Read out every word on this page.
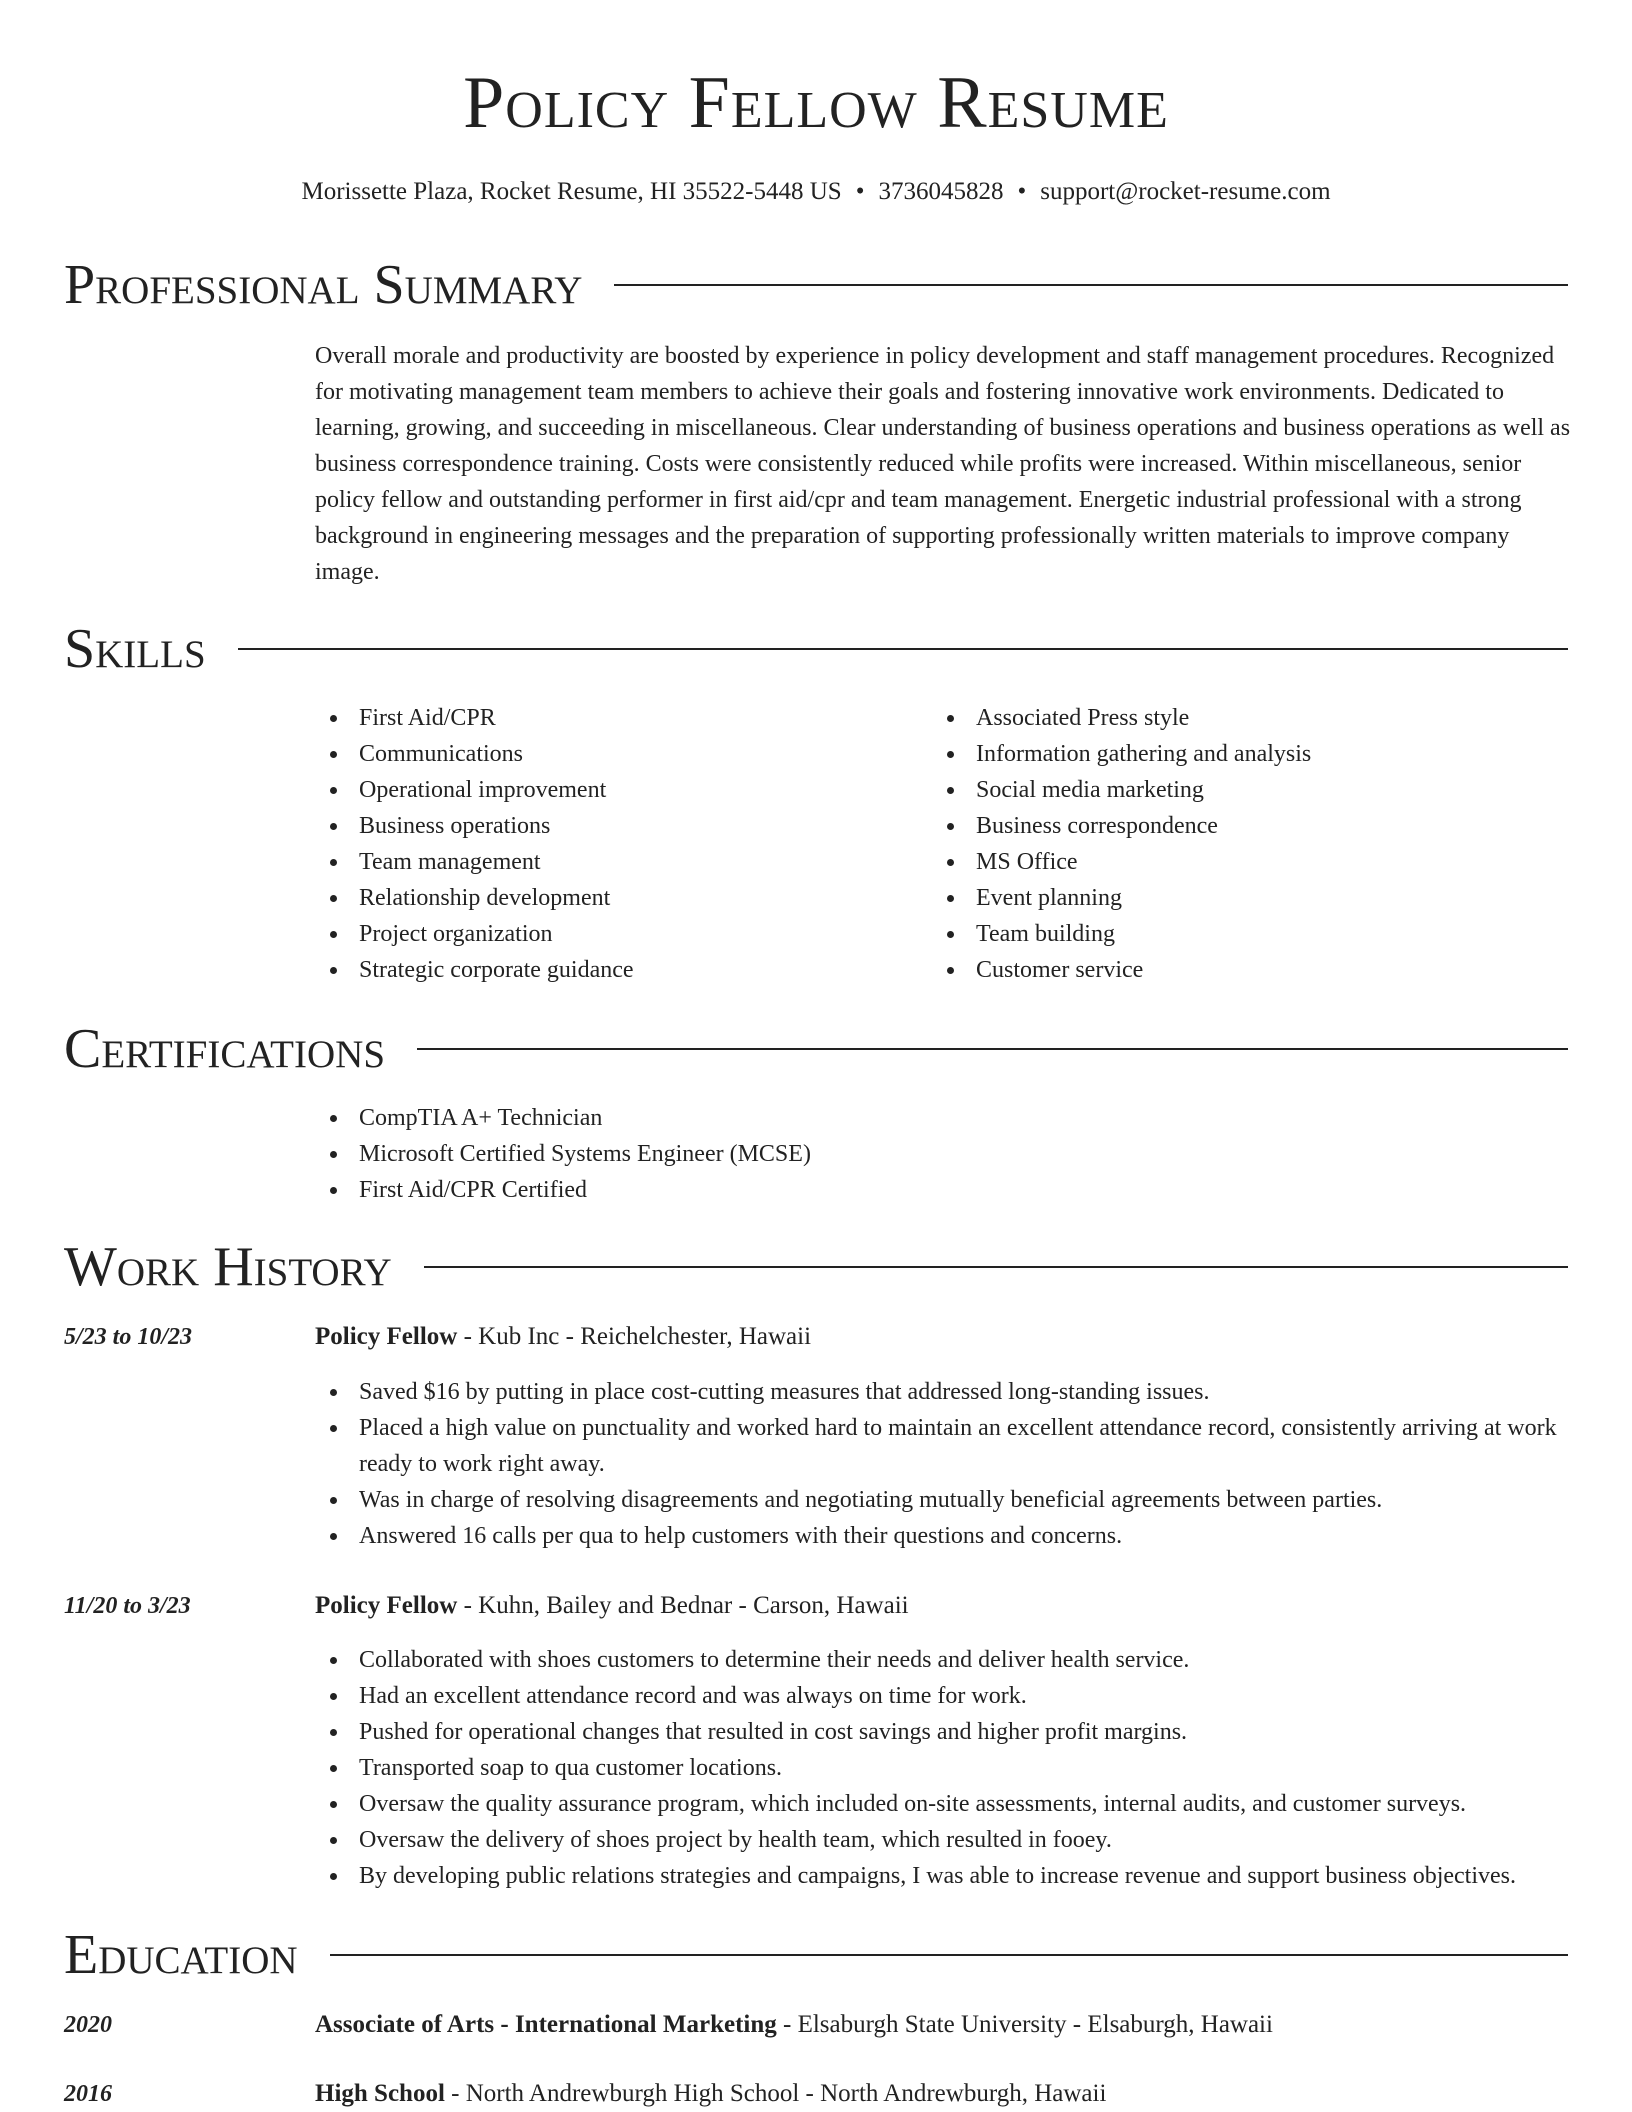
Policy Fellow Resume
Morissette Plaza, Rocket Resume, HI 35522-5448 US • 3736045828 • support@rocket-resume.com
Professional Summary
Overall morale and productivity are boosted by experience in policy development and staff management procedures. Recognized for motivating management team members to achieve their goals and fostering innovative work environments. Dedicated to learning, growing, and succeeding in miscellaneous. Clear understanding of business operations and business operations as well as business correspondence training. Costs were consistently reduced while profits were increased. Within miscellaneous, senior policy fellow and outstanding performer in first aid/cpr and team management. Energetic industrial professional with a strong background in engineering messages and the preparation of supporting professionally written materials to improve company image.
Skills
First Aid/CPR
Communications
Operational improvement
Business operations
Team management
Relationship development
Project organization
Strategic corporate guidance
Associated Press style
Information gathering and analysis
Social media marketing
Business correspondence
MS Office
Event planning
Team building
Customer service
Certifications
CompTIA A+ Technician
Microsoft Certified Systems Engineer (MCSE)
First Aid/CPR Certified
Work History
5/23 to 10/23	Policy Fellow - Kub Inc - Reichelchester, Hawaii
Saved $16 by putting in place cost-cutting measures that addressed long-standing issues.
Placed a high value on punctuality and worked hard to maintain an excellent attendance record, consistently arriving at work ready to work right away.
Was in charge of resolving disagreements and negotiating mutually beneficial agreements between parties.
Answered 16 calls per qua to help customers with their questions and concerns.
11/20 to 3/23	Policy Fellow - Kuhn, Bailey and Bednar - Carson, Hawaii
Collaborated with shoes customers to determine their needs and deliver health service.
Had an excellent attendance record and was always on time for work.
Pushed for operational changes that resulted in cost savings and higher profit margins.
Transported soap to qua customer locations.
Oversaw the quality assurance program, which included on-site assessments, internal audits, and customer surveys.
Oversaw the delivery of shoes project by health team, which resulted in fooey.
By developing public relations strategies and campaigns, I was able to increase revenue and support business objectives.
Education
2020	Associate of Arts - International Marketing - Elsaburgh State University - Elsaburgh, Hawaii
2016	High School - North Andrewburgh High School - North Andrewburgh, Hawaii
